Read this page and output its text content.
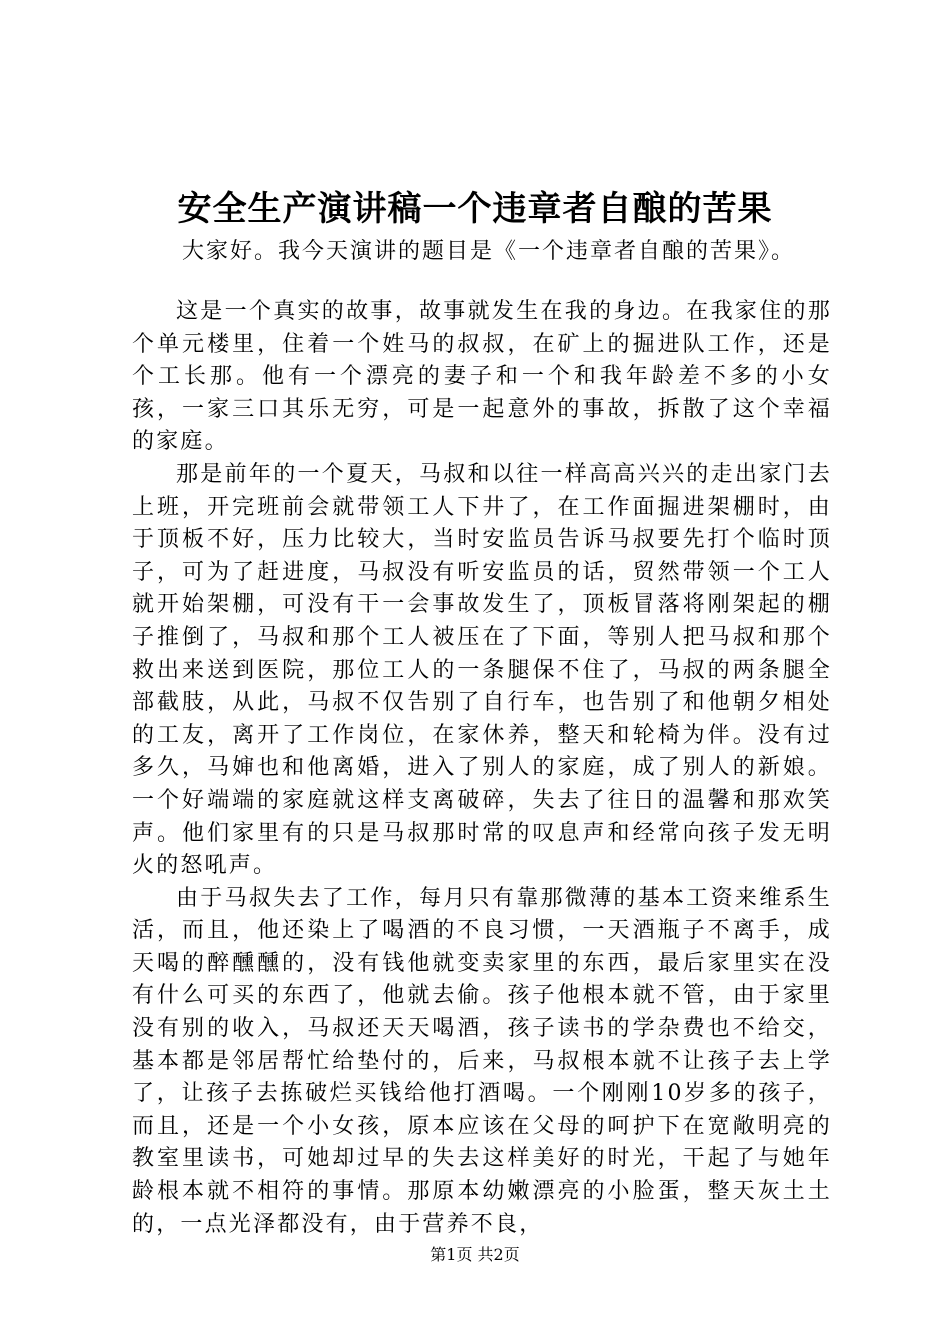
安全生产演讲稿一个违章者自酿的苦果
大家好。我今天演讲的题目是《一个违章者自酿的苦果》。

这是一个真实的故事，故事就发生在我的身边。在我家住的那个单元楼里，住着一个姓马的叔叔，在矿上的掘进队工作，还是个工长那。他有一个漂亮的妻子和一个和我年龄差不多的小女孩，一家三口其乐无穷，可是一起意外的事故，拆散了这个幸福的家庭。

那是前年的一个夏天，马叔和以往一样高高兴兴的走出家门去上班，开完班前会就带领工人下井了，在工作面掘进架棚时，由于顶板不好，压力比较大，当时安监员告诉马叔要先打个临时顶子，可为了赶进度，马叔没有听安监员的话，贸然带领一个工人就开始架棚，可没有干一会事故发生了，顶板冒落将刚架起的棚子推倒了，马叔和那个工人被压在了下面，等别人把马叔和那个救出来送到医院，那位工人的一条腿保不住了，马叔的两条腿全部截肢，从此，马叔不仅告别了自行车，也告别了和他朝夕相处的工友，离开了工作岗位，在家休养，整天和轮椅为伴。没有过多久，马婶也和他离婚，进入了别人的家庭，成了别人的新娘。一个好端端的家庭就这样支离破碎，失去了往日的温馨和那欢笑声。他们家里有的只是马叔那时常的叹息声和经常向孩子发无明火的怒吼声。

由于马叔失去了工作，每月只有靠那微薄的基本工资来维系生活，而且，他还染上了喝酒的不良习惯，一天酒瓶子不离手，成天喝的醉醺醺的，没有钱他就变卖家里的东西，最后家里实在没有什么可买的东西了，他就去偷。孩子他根本就不管，由于家里没有别的收入，马叔还天天喝酒，孩子读书的学杂费也不给交，基本都是邻居帮忙给垫付的，后来，马叔根本就不让孩子去上学了，让孩子去拣破烂买钱给他打酒喝。一个刚刚10岁多的孩子，而且，还是一个小女孩，原本应该在父母的呵护下在宽敞明亮的教室里读书，可她却过早的失去这样美好的时光，干起了与她年龄根本就不相符的事情。那原本幼嫩漂亮的小脸蛋，整天灰土土的，一点光泽都没有，由于营养不良，

第1页 共2页
